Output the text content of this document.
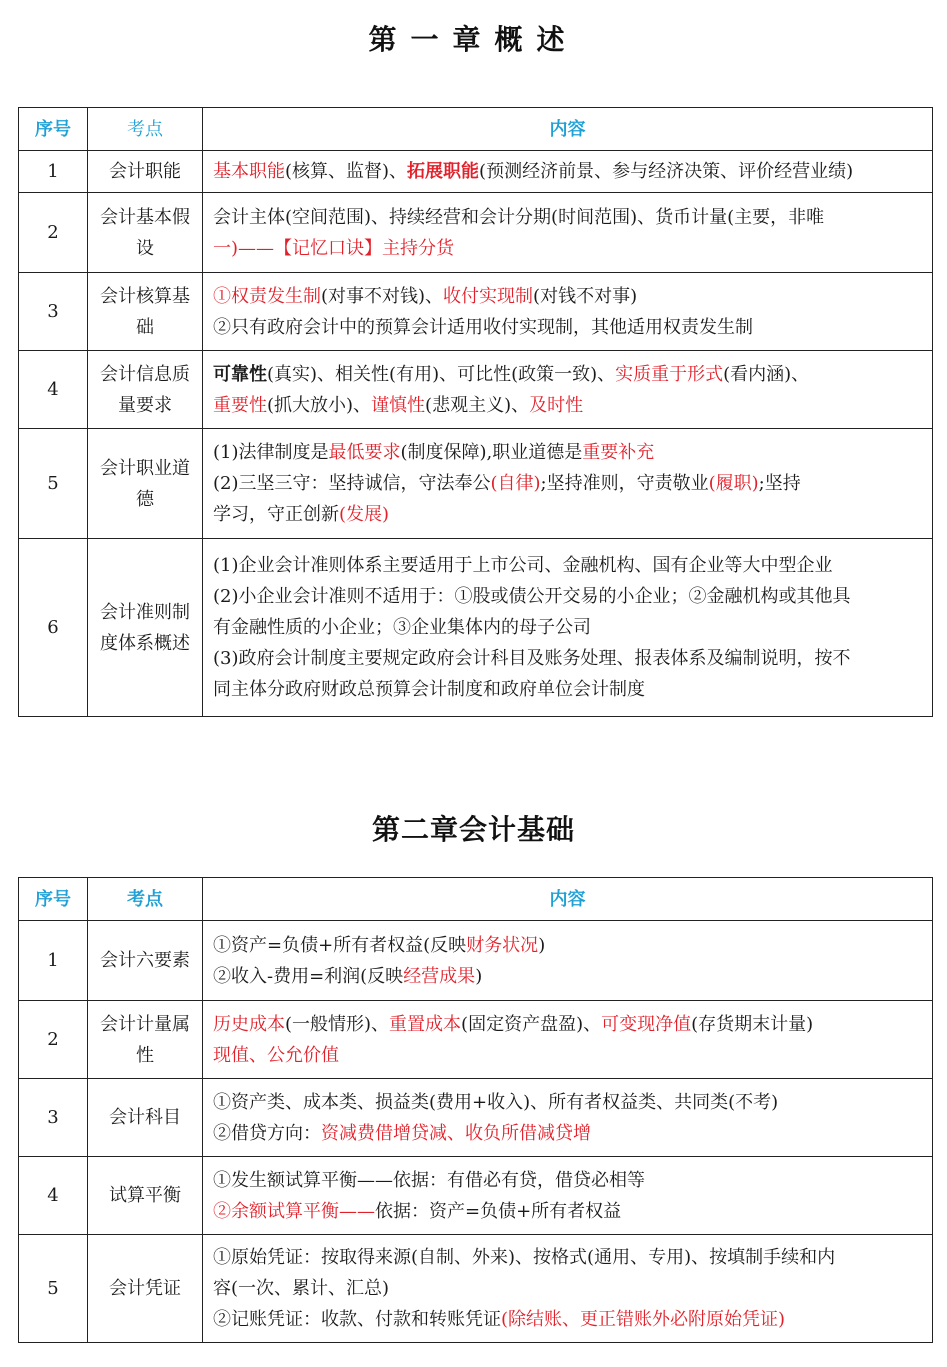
第一章概述
序号	考点	内容
1	会计职能	基本职能(核算、监督)、拓展职能(预测经济前景、参与经济决策、评价经营业绩)

2	会计基本假设	会计主体(空间范围)、持续经营和会计分期(时间范围)、货币计量(主要，非唯
一)——【记忆口诀】主持分货

3	会计核算基础	①权责发生制(对事不对钱)、收付实现制(对钱不对事)
②只有政府会计中的预算会计适用收付实现制，其他适用权责发生制

4	会计信息质量要求	可靠性(真实)、相关性(有用)、可比性(政策一致)、实质重于形式(看内涵)、
重要性(抓大放小)、谨慎性(悲观主义)、及时性

5	会计职业道德	(1)法律制度是最低要求(制度保障),职业道德是重要补充
(2)三坚三守：坚持诚信，守法奉公(自律);坚持准则，守责敬业(履职);坚持
学习，守正创新(发展)

6	会计准则制度体系概述	(1)企业会计准则体系主要适用于上市公司、金融机构、国有企业等大中型企业
(2)小企业会计准则不适用于：①股或债公开交易的小企业；②金融机构或其他具
有金融性质的小企业；③企业集体内的母子公司
(3)政府会计制度主要规定政府会计科目及账务处理、报表体系及编制说明，按不
同主体分政府财政总预算会计制度和政府单位会计制度
第二章会计基础
序号	考点	内容
1	会计六要素	①资产=负债+所有者权益(反映财务状况)
②收入-费用=利润(反映经营成果)

2	会计计量属性	历史成本(一般情形)、重置成本(固定资产盘盈)、可变现净值(存货期末计量)
现值、公允价值

3	会计科目	①资产类、成本类、损益类(费用+收入)、所有者权益类、共同类(不考)
②借贷方向：资减费借增贷减、收负所借减贷增

4	试算平衡	①发生额试算平衡——依据：有借必有贷，借贷必相等
②余额试算平衡——依据：资产=负债+所有者权益

5	会计凭证	①原始凭证：按取得来源(自制、外来)、按格式(通用、专用)、按填制手续和内
容(一次、累计、汇总)
②记账凭证：收款、付款和转账凭证(除结账、更正错账外必附原始凭证)
